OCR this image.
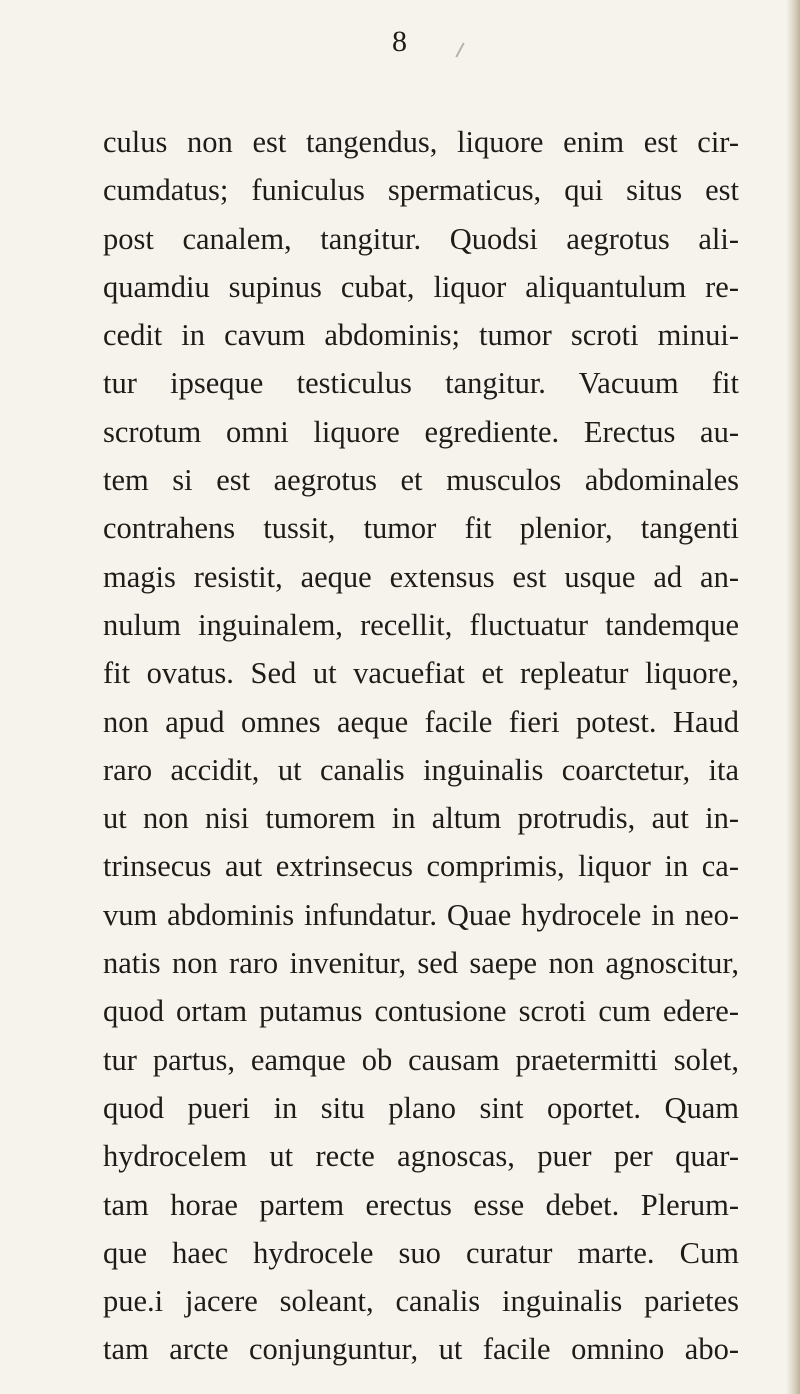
8
culus non est tangendus, liquore enim est cir-
cumdatus; funiculus spermaticus, qui situs est
post canalem, tangitur. Quodsi aegrotus ali-
quamdiu supinus cubat, liquor aliquantulum re-
cedit in cavum abdominis; tumor scroti minui-
tur ipseque testiculus tangitur. Vacuum fit
scrotum omni liquore egrediente. Erectus au-
tem si est aegrotus et musculos abdominales
contrahens tussit, tumor fit plenior, tangenti
magis resistit, aeque extensus est usque ad an-
nulum inguinalem, recellit, fluctuatur tandemque
fit ovatus. Sed ut vacuefiat et repleatur liquore,
non apud omnes aeque facile fieri potest. Haud
raro accidit, ut canalis inguinalis coarctetur, ita
ut non nisi tumorem in altum protrudis, aut in-
trinsecus aut extrinsecus comprimis, liquor in ca-
vum abdominis infundatur. Quae hydrocele in neo-
natis non raro invenitur, sed saepe non agnoscitur,
quod ortam putamus contusione scroti cum edere-
tur partus, eamque ob causam praetermitti solet,
quod pueri in situ plano sint oportet. Quam
hydrocelem ut recte agnoscas, puer per quar-
tam horae partem erectus esse debet. Plerum-
que haec hydrocele suo curatur marte. Cum
pue.i jacere soleant, canalis inguinalis parietes
tam arcte conjunguntur, ut facile omnino abo-
